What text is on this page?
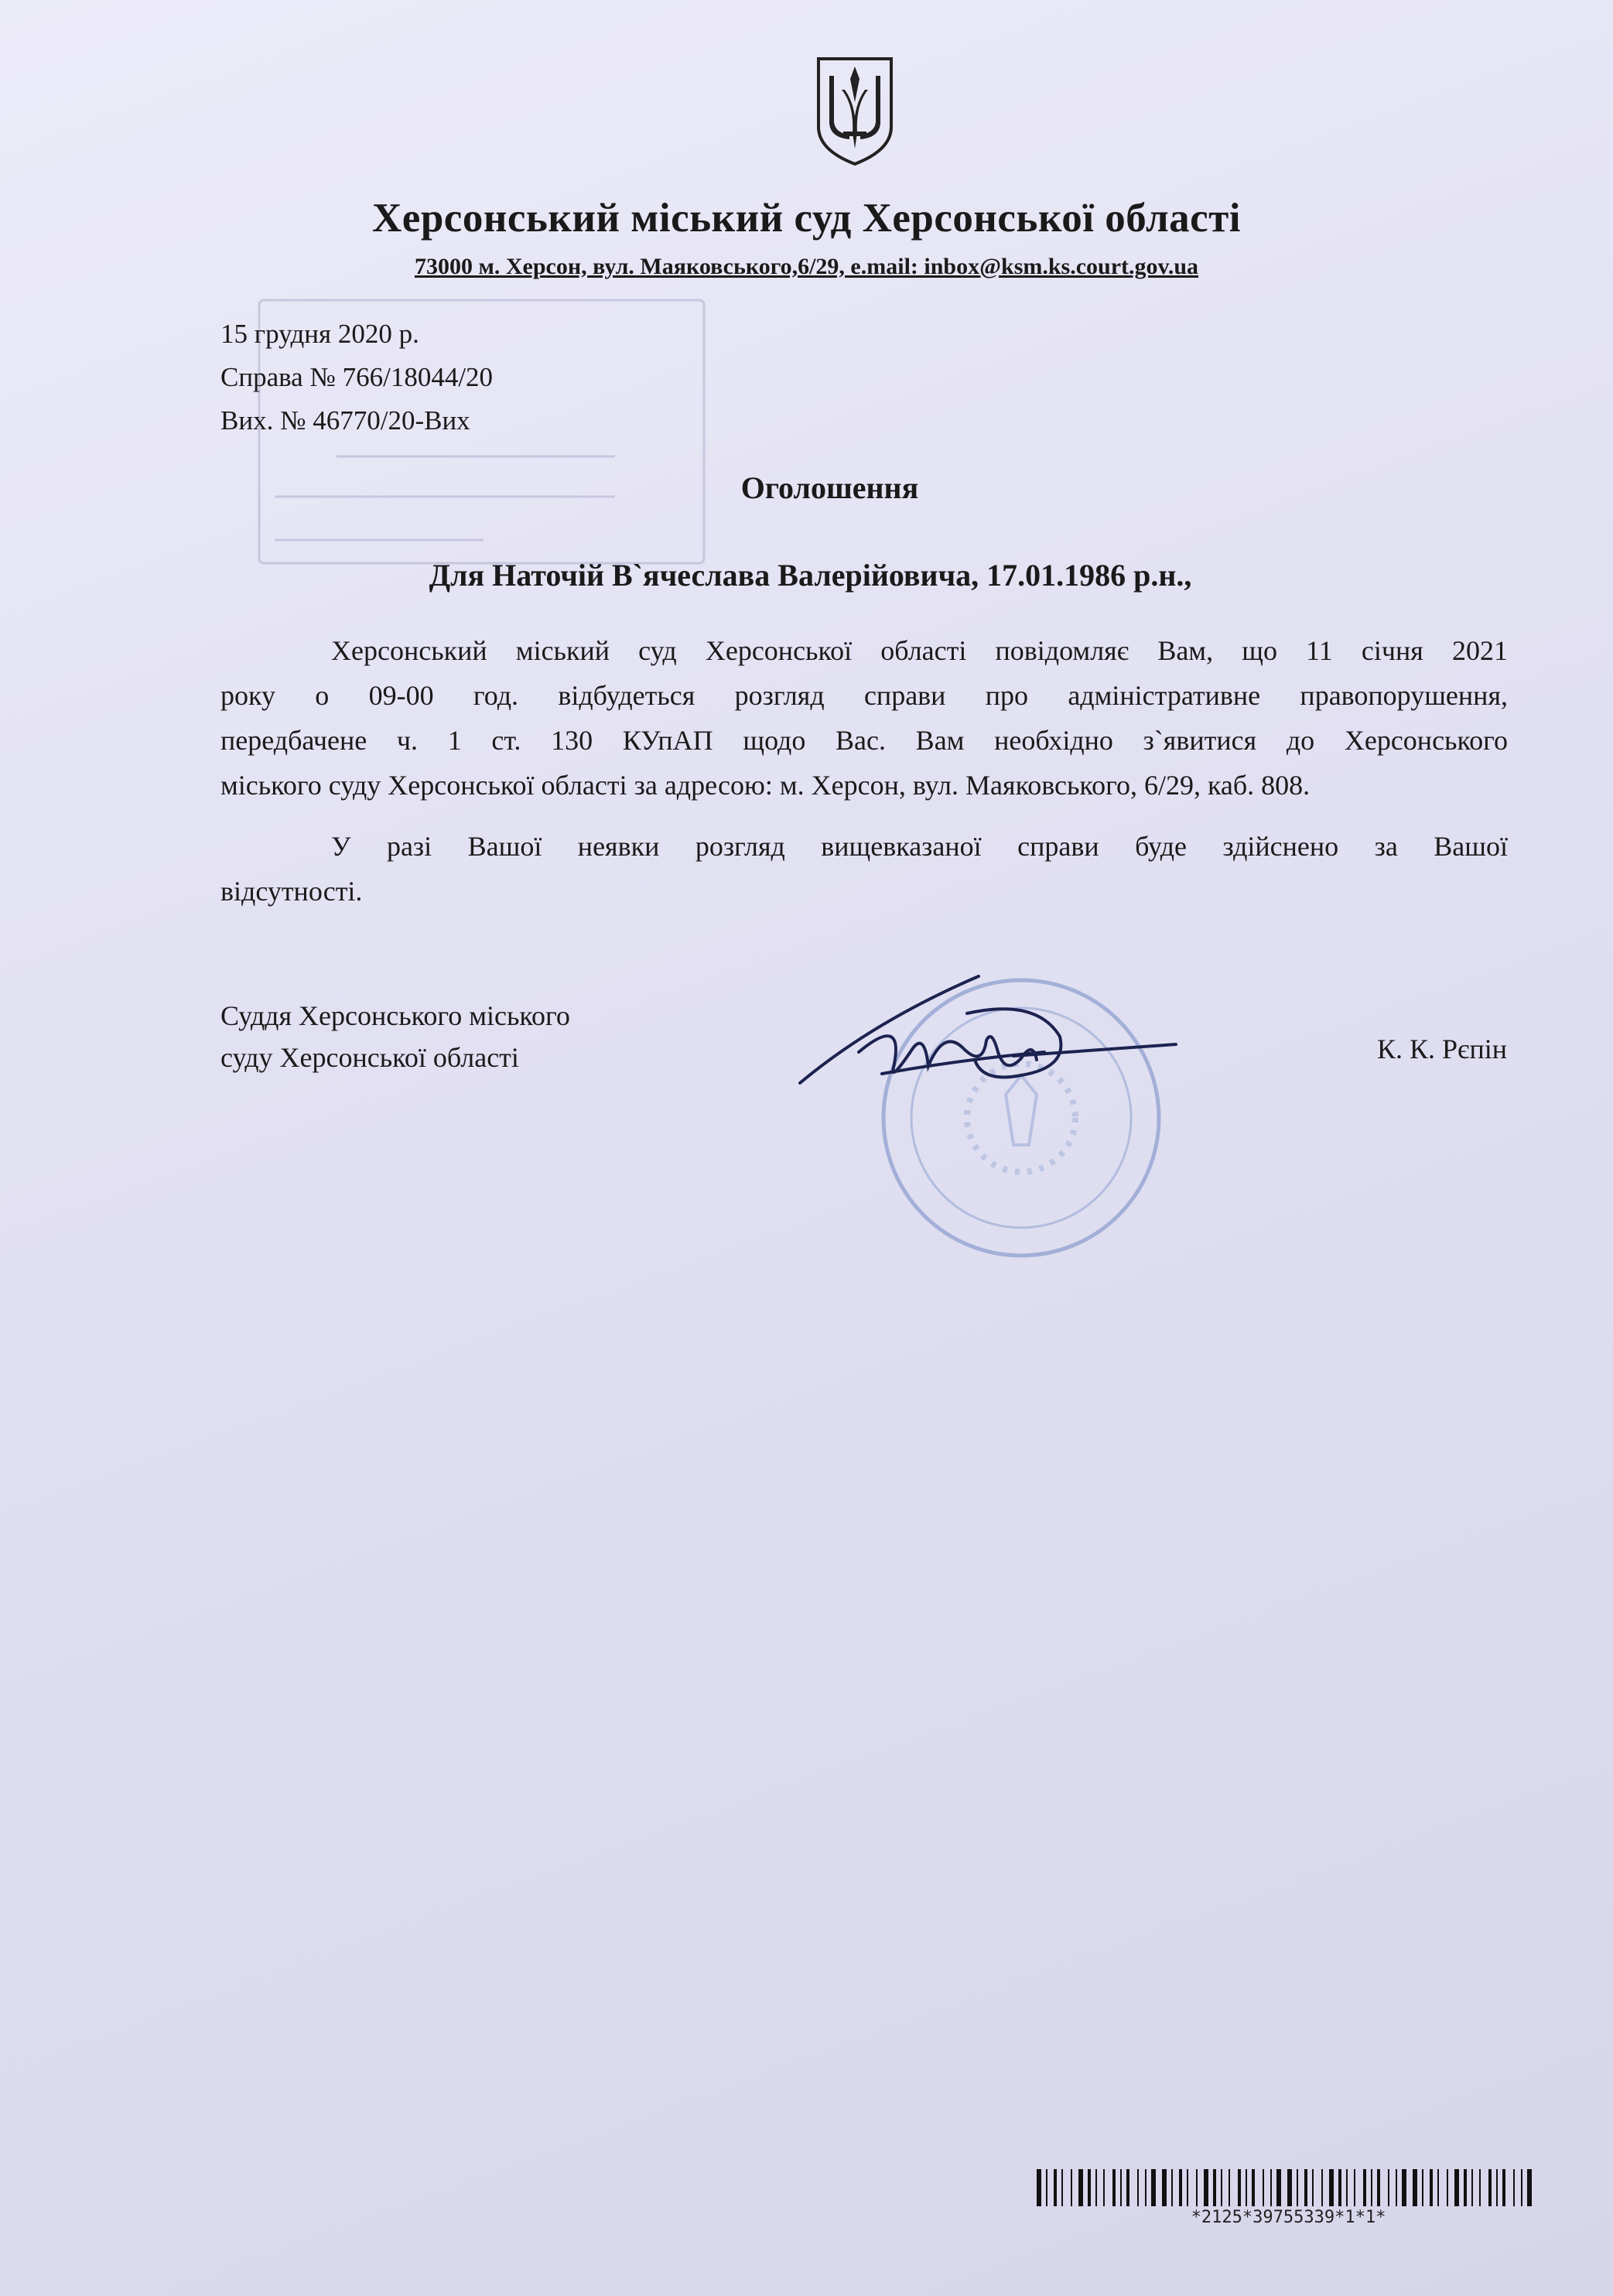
Херсонський міський суд Херсонської області
73000 м. Херсон, вул. Маяковського,6/29, e.mail: inbox@ksm.ks.court.gov.ua
15 грудня 2020 р.
Справа № 766/18044/20
Вих. № 46770/20-Вих
Оголошення
Для Наточій В`ячеслава Валерійовича, 17.01.1986 р.н.,
Херсонський міський суд Херсонської області повідомляє Вам, що 11 січня 2021
року о 09-00 год. відбудеться розгляд справи про адміністративне правопорушення,
передбачене ч. 1 ст. 130 КУпАП щодо Вас. Вам необхідно з`явитися до Херсонського
міського суду Херсонської області за адресою: м. Херсон, вул. Маяковського, 6/29, каб. 808.
У разі Вашої неявки розгляд вищевказаної справи буде здійснено за Вашої
відсутності.
Суддя Херсонського міського
суду Херсонської області	К. К. Рєпін
*2125*39755339*1*1*
